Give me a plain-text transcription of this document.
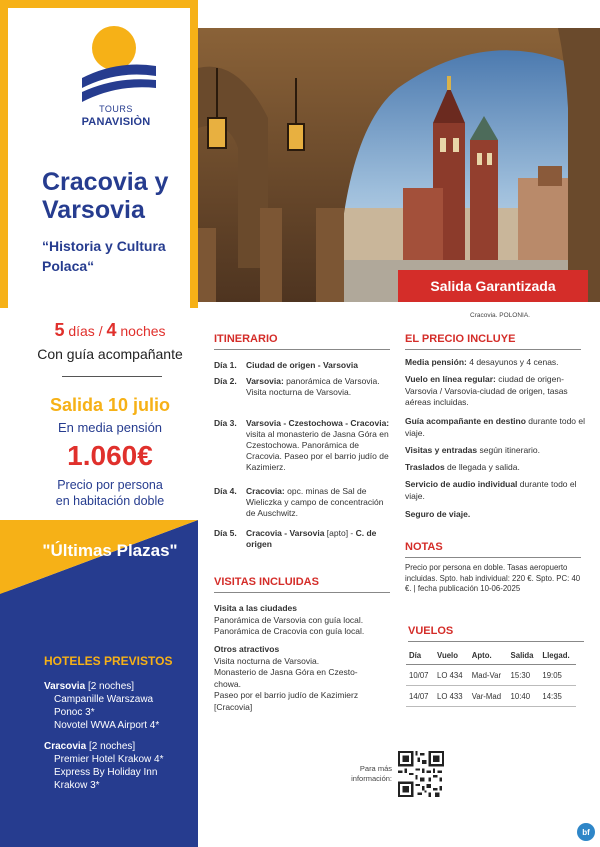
TOURS
PANAVISIÒN
Cracovia y Varsovia
“Historia y Cultura Polaca“
5 días / 4 noches
Con guía acompañante
Salida 10 julio
En media pensión
1.060€
Precio por persona
en habitación doble
"Últimas Plazas"
HOTELES PREVISTOS
Varsovia [2 noches]
Campanille Warszawa
Ponoc 3*
Novotel WWA Airport 4*
Cracovia [2 noches]
Premier Hotel Krakow 4*
Express By Holiday Inn
Krakow 3*
Salida Garantizada
Cracovia. POLONIA.
ITINERARIO
Día 1.	Ciudad de origen - Varsovia
Día 2.	Varsovia: panorámica de Varsovia. Visita nocturna de Varsovia.
Día 3.	Varsovia - Czestochowa - Cracovia: visita al monasterio de Jasna Góra en Czestochowa. Panorámica de Cracovia. Paseo por el barrio judío de Kazimierz.
Día 4.	Cracovia: opc. minas de Sal de Wieliczka y campo de concentración de Auschwitz.
Día 5.	Cracovia - Varsovia [apto] - C. de origen
VISITAS INCLUIDAS
Visita a las ciudades
Panorámica de Varsovia con guía local.
Panorámica de Cracovia con guía local.
Otros atractivos
Visita nocturna de Varsovia.
Monasterio de Jasna Góra en Czesto-
chowa.
Paseo por el barrio judío de Kazimierz
[Cracovia]
EL PRECIO INCLUYE
Media pensión: 4 desayunos y 4 cenas.
Vuelo en línea regular: ciudad de origen-Varsovia / Varsovia-ciudad de origen, tasas aéreas incluidas.
Guía acompañante en destino durante todo el viaje.
Visitas y entradas según itinerario.
Traslados de llegada y salida.
Servicio de audio individual durante todo el viaje.
Seguro de viaje.
NOTAS
Precio por persona en doble. Tasas aeropuerto incluidas. Spto. hab individual: 220 €. Spto. PC: 40 €. | fecha publicación 10-06-2025
VUELOS
Día	Vuelo	Apto.	Salida	Llegad.
10/07	LO 434	Mad-Var	15:30	19:05
14/07	LO 433	Var-Mad	10:40	14:35
Para más
información:
bf
